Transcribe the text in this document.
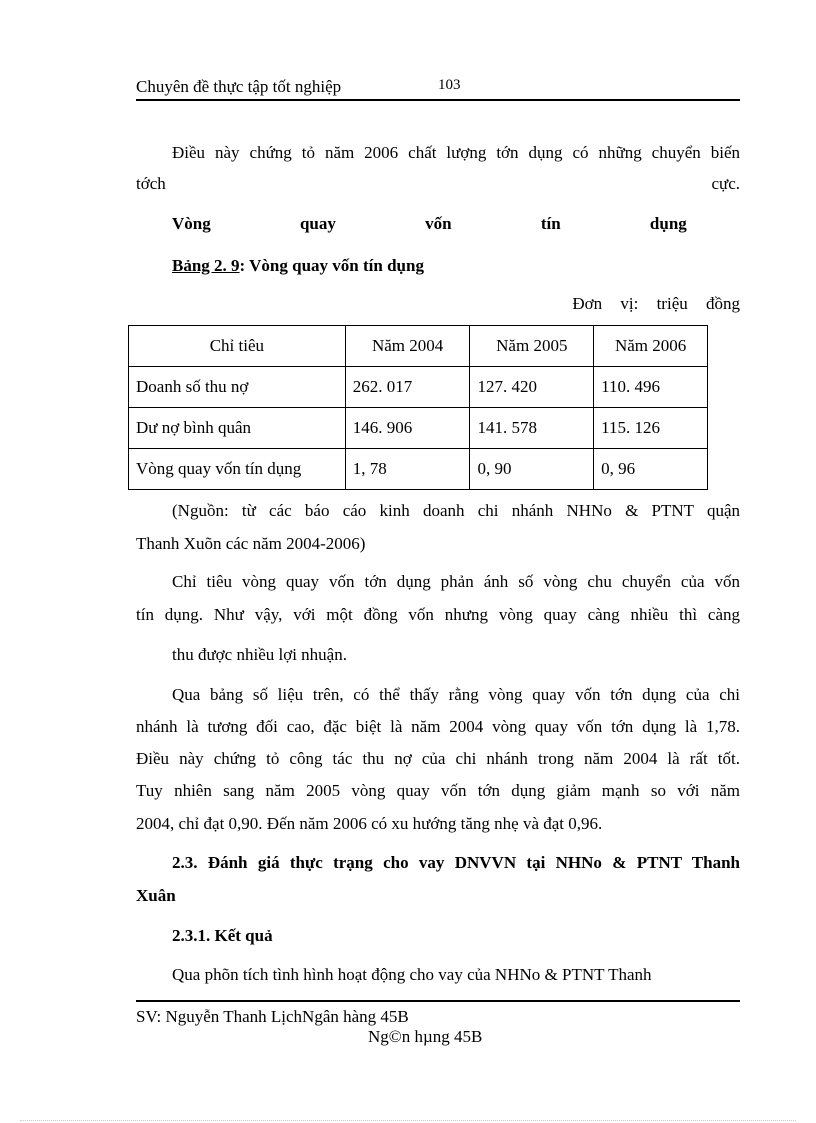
Chuyên đề thực tập tốt nghiệp	103
Điều này chứng tỏ năm 2006 chất lượng tớn dụng có những chuyển biến
tớch	cực.
Vòng quay vốn tín dụng
Bảng 2. 9: Vòng quay vốn tín dụng
Đơn vị: triệu đồng
Chỉ tiêu	Năm 2004	Năm 2005	Năm 2006
Doanh số thu nợ	262. 017	127. 420	110. 496
Dư nợ bình quân	146. 906	141. 578	115. 126
Vòng quay vốn tín dụng	1, 78	0, 90	0, 96
(Nguồn: từ các báo cáo kinh doanh chi nhánh NHNo & PTNT quận
Thanh Xuõn các năm 2004-2006)
Chỉ tiêu vòng quay vốn tớn dụng phản ánh số vòng chu chuyển của vốn
tín dụng. Như vậy, với một đồng vốn nhưng vòng quay càng nhiều thì càng
thu được nhiều lợi nhuận.
Qua bảng số liệu trên, có thể thấy rằng vòng quay vốn tớn dụng của chi
nhánh là tương đối cao, đặc biệt là năm 2004 vòng quay vốn tớn dụng là 1,78.
Điều này chứng tỏ công tác thu nợ của chi nhánh trong năm 2004 là rất tốt.
Tuy nhiên sang năm 2005 vòng quay vốn tớn dụng giảm mạnh so với năm
2004, chỉ đạt 0,90. Đến năm 2006 có xu hướng tăng nhẹ và đạt 0,96.
2.3. Đánh giá thực trạng cho vay DNVVN tại NHNo & PTNT Thanh
Xuân
2.3.1. Kết quả
Qua phõn tích tình hình hoạt động cho vay của NHNo & PTNT Thanh
SV: Nguyễn Thanh LịchNgân hàng 45B
Ng©n hµng 45B
